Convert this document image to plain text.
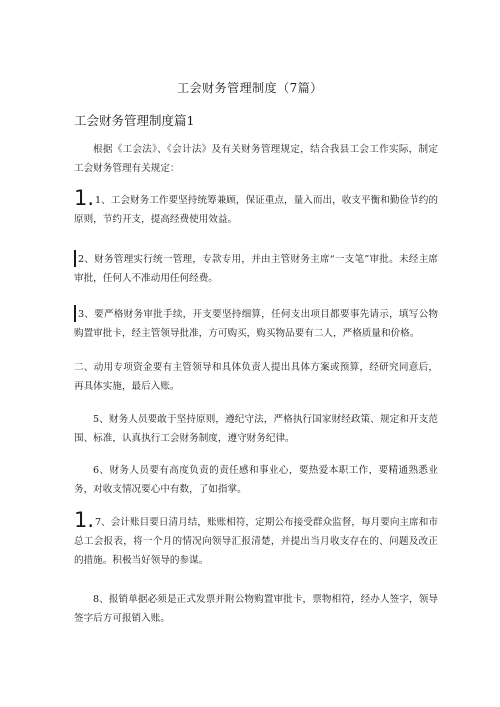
工会财务管理制度（7篇）
工会财务管理制度篇1
根据《工会法》、《会计法》及有关财务管理规定，结合我县工会工作实际，制定工会财务管理有关规定：
1.1、工会财务工作要坚持统筹兼顾，保证重点，量入而出，收支平衡和勤俭节约的原则，节约开支，提高经费使用效益。
2、财务管理实行统一管理，专款专用，并由主管财务主席“一支笔”审批。未经主席审批，任何人不准动用任何经费。
3、要严格财务审批手续，开支要坚持细算，任何支出项目都要事先请示，填写公物购置审批卡，经主管领导批准，方可购买，购买物品要有二人，严格质量和价格。
二、动用专项资金要有主管领导和具体负责人提出具体方案或预算，经研究同意后，再具体实施，最后入账。
5、财务人员要敢于坚持原则，遵纪守法，严格执行国家财经政策、规定和开支范围、标准，认真执行工会财务制度，遵守财务纪律。
6、财务人员要有高度负责的责任感和事业心，要热爱本职工作，要精通熟悉业务，对收支情况要心中有数，了如指掌。
1.7、会计账目要日清月结，账账相符，定期公布接受群众监督，每月要向主席和市总工会报表，将一个月的情况向领导汇报清楚，并提出当月收支存在的、问题及改正的措施。积极当好领导的参谋。
8、报销单据必须是正式发票并附公物购置审批卡，票物相符，经办人签字，领导签字后方可报销入账。
